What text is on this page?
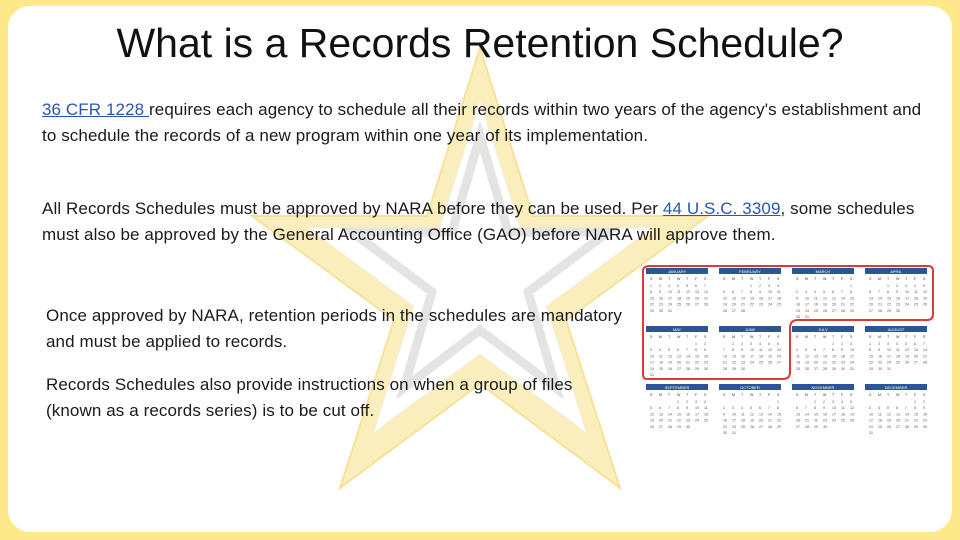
What is a Records Retention Schedule?

36 CFR 1228 requires each agency to schedule all their records within two years of the agency's establishment and to schedule the records of a new program within one year of its implementation.

All Records Schedules must be approved by NARA before they can be used. Per 44 U.S.C. 3309, some schedules must also be approved by the General Accounting Office (GAO) before NARA will approve them.

Once approved by NARA, retention periods in the schedules are mandatory and must be applied to records.

Records Schedules also provide instructions on when a group of files (known as a records series) is to be cut off.

JANUARY
S M T W T F S
1 2 3 4 5 6 7
8 9 10 11 12 13 14
15 16 17 18 19 20 21
22 23 24 25 26 27 28
29 30 31
FEBRUARY
S M T W T F S
1 2 3 4
5 6 7 8 9 10 11
12 13 14 15 16 17 18
19 20 21 22 23 24 25
26 27 28
MARCH
S M T W T F S
1
2 3 4 5 6 7 8
9 10 11 12 13 14 15
16 17 18 19 20 21 22
23 24 25 26 27 28 29
30 31
APRIL
S M T W T F S
1 2 3 4 5
6 7 8 9 10 11 12
13 14 15 16 17 18 19
20 21 22 23 24 25 26
27 28 29 30
MAY
S M T W T F S
1 2
3 4 5 6 7 8 9
10 11 12 13 14 15 16
17 18 19 20 21 22 23
24 25 26 27 28 29 30
31
JUNE
S M T W T F S
1 2 3 4 5 6
7 8 9 10 11 12 13
14 15 16 17 18 19 20
21 22 23 24 25 26 27
28 29 30
JULY
S M T W T F S
1 2 3
4 5 6 7 8 9 10
11 12 13 14 15 16 17
18 19 20 21 22 23 24
25 26 27 28 29 30 31
AUGUST
S M T W T F S
1 2 3 4 5 6 7
8 9 10 11 12 13 14
15 16 17 18 19 20 21
22 23 24 25 26 27 28
29 30 31
SEPTEMBER
S M T W T F S
1 2 3 4
5 6 7 8 9 10 11
12 13 14 15 16 17 18
19 20 21 22 23 24 25
26 27 28 29 30
OCTOBER
S M T W T F S
1
2 3 4 5 6 7 8
9 10 11 12 13 14 15
16 17 18 19 20 21 22
23 24 25 26 27 28 29
30 31
NOVEMBER
S M T W T F S
1 2 3 4 5
6 7 8 9 10 11 12
13 14 15 16 17 18 19
20 21 22 23 24 25 26
27 28 29 30
DECEMBER
S M T W T F S
1 2
3 4 5 6 7 8 9
10 11 12 13 14 15 16
17 18 19 20 21 22 23
24 25 26 27 28 29 30
31
